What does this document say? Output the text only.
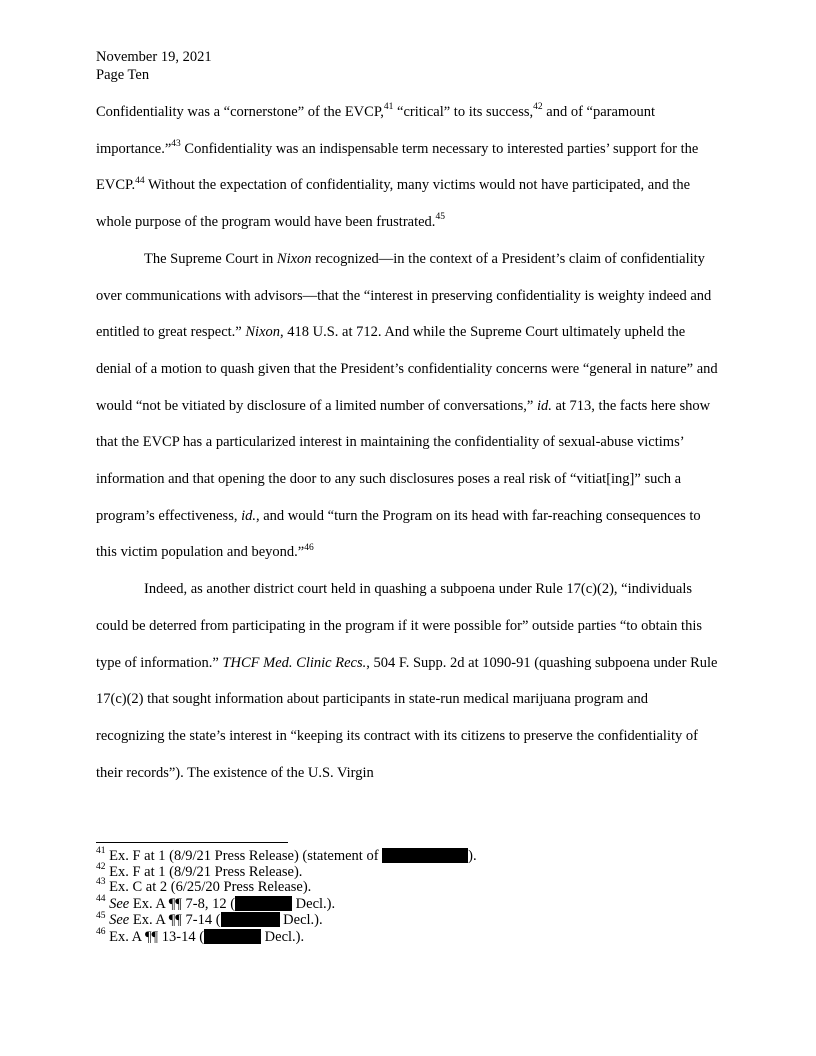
November 19, 2021
Page Ten

Confidentiality was a “cornerstone” of the EVCP,$^{41}$ “critical” to its success,$^{42}$ and of “paramount importance.”$^{43}$ Confidentiality was an indispensable term necessary to interested parties’ support for the EVCP.$^{44}$ Without the expectation of confidentiality, many victims would not have participated, and the whole purpose of the program would have been frustrated.$^{45}$

The Supreme Court in Nixon recognized—in the context of a President’s claim of confidentiality over communications with advisors—that the “interest in preserving confidentiality is weighty indeed and entitled to great respect.” Nixon, 418 U.S. at 712. And while the Supreme Court ultimately upheld the denial of a motion to quash given that the President’s confidentiality concerns were “general in nature” and would “not be vitiated by disclosure of a limited number of conversations,” id. at 713, the facts here show that the EVCP has a particularized interest in maintaining the confidentiality of sexual-abuse victims’ information and that opening the door to any such disclosures poses a real risk of “vitiat[ing]” such a program’s effectiveness, id., and would “turn the Program on its head with far-reaching consequences to this victim population and beyond.”$^{46}$

Indeed, as another district court held in quashing a subpoena under Rule 17(c)(2), “individuals could be deterred from participating in the program if it were possible for” outside parties “to obtain this type of information.” THCF Med. Clinic Recs., 504 F. Supp. 2d at 1090-91 (quashing subpoena under Rule 17(c)(2) that sought information about participants in state-run medical marijuana program and recognizing the state’s interest in “keeping its contract with its citizens to preserve the confidentiality of their records”). The existence of the U.S. Virgin

$^{41}$ Ex. F at 1 (8/9/21 Press Release) (statement of	).
$^{42}$ Ex. F at 1 (8/9/21 Press Release).
$^{43}$ Ex. C at 2 (6/25/20 Press Release).
$^{44}$ See Ex. A ¶¶ 7-8, 12 (	Decl.).
$^{45}$ See Ex. A ¶¶ 7-14 (	Decl.).
$^{46}$ Ex. A ¶¶ 13-14 (	Decl.).
